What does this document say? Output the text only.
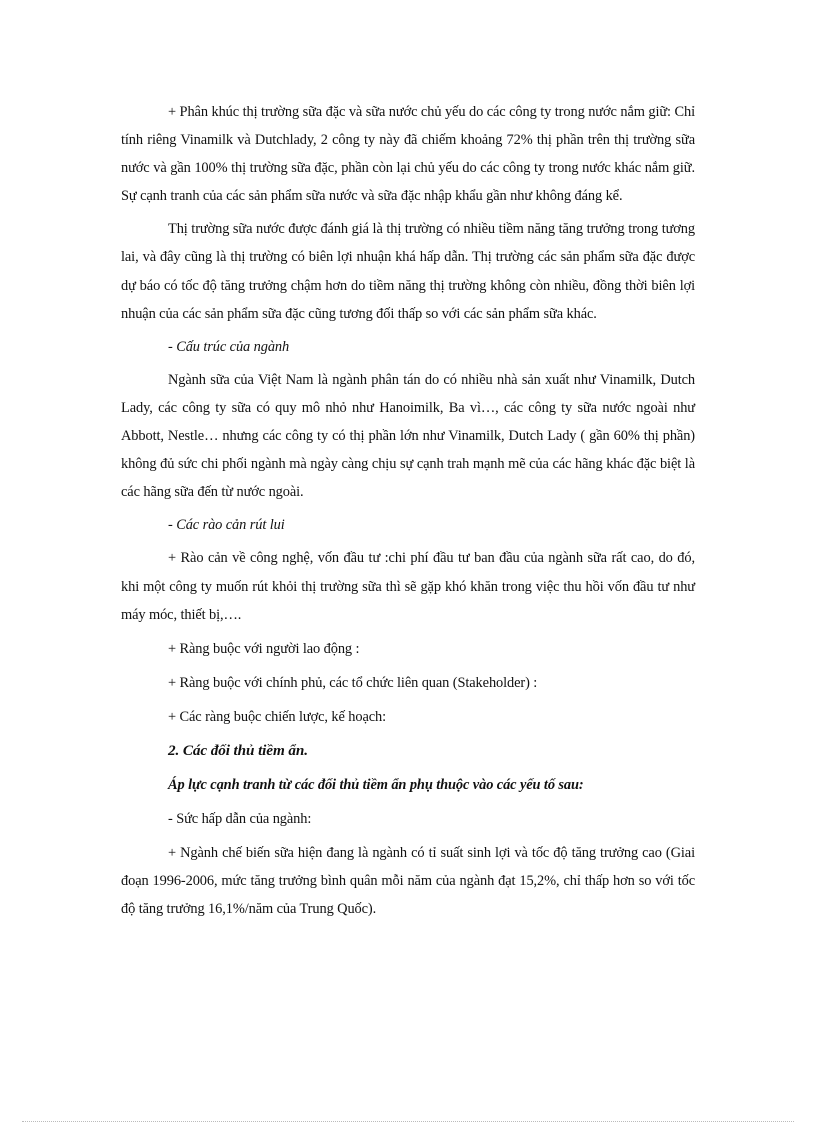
+ Phân khúc thị trường sữa đặc và sữa nước chủ yếu do các công ty trong nước nắm giữ: Chỉ tính riêng Vinamilk và Dutchlady, 2 công ty này đã chiếm khoảng 72% thị phần trên thị trường sữa nước và gần 100% thị trường sữa đặc, phần còn lại chủ yếu do các công ty trong nước khác nắm giữ. Sự cạnh tranh của các sản phẩm sữa nước và sữa đặc nhập khẩu gần như không đáng kể.

Thị trường sữa nước được đánh giá là thị trường có nhiều tiềm năng tăng trưởng trong tương lai, và đây cũng là thị trường có biên lợi nhuận khá hấp dẫn. Thị trường các sản phẩm sữa đặc được dự báo có tốc độ tăng trưởng chậm hơn do tiềm năng thị trường không còn nhiều, đồng thời biên lợi nhuận của các sản phẩm sữa đặc cũng tương đối thấp so với các sản phẩm sữa khác.

- Cấu trúc của ngành

Ngành sữa của Việt Nam là ngành phân tán do có nhiều nhà sản xuất như Vinamilk, Dutch Lady, các công ty sữa có quy mô nhỏ như Hanoimilk, Ba vì…, các công ty sữa nước ngoài như Abbott, Nestle… nhưng các công ty có thị phần lớn như Vinamilk, Dutch Lady ( gần 60% thị phần) không đủ sức chi phối ngành mà ngày càng chịu sự cạnh trah mạnh mẽ của các hãng khác đặc biệt là các hãng sữa đến từ nước ngoài.

- Các rào cản rút lui

+ Rào cản về công nghệ, vốn đầu tư :chi phí đầu tư ban đầu của ngành sữa rất cao, do đó, khi một công ty muốn rút khỏi thị trường sữa thì sẽ gặp khó khăn trong việc thu hồi vốn đầu tư như máy móc, thiết bị,….

+ Ràng buộc với người lao động :

+ Ràng buộc với chính phủ, các tổ chức liên quan (Stakeholder) :

+ Các ràng buộc chiến lược, kế hoạch:

2. Các đối thủ tiềm ẩn.

Áp lực cạnh tranh từ các đối thủ tiềm ẩn phụ thuộc vào các yếu tố sau:

- Sức hấp dẫn của ngành:

+ Ngành chế biến sữa hiện đang là ngành có tỉ suất sinh lợi và tốc độ tăng trưởng cao (Giai đoạn 1996-2006, mức tăng trưởng bình quân mỗi năm của ngành đạt 15,2%, chỉ thấp hơn so với tốc độ tăng trưởng 16,1%/năm của Trung Quốc).
